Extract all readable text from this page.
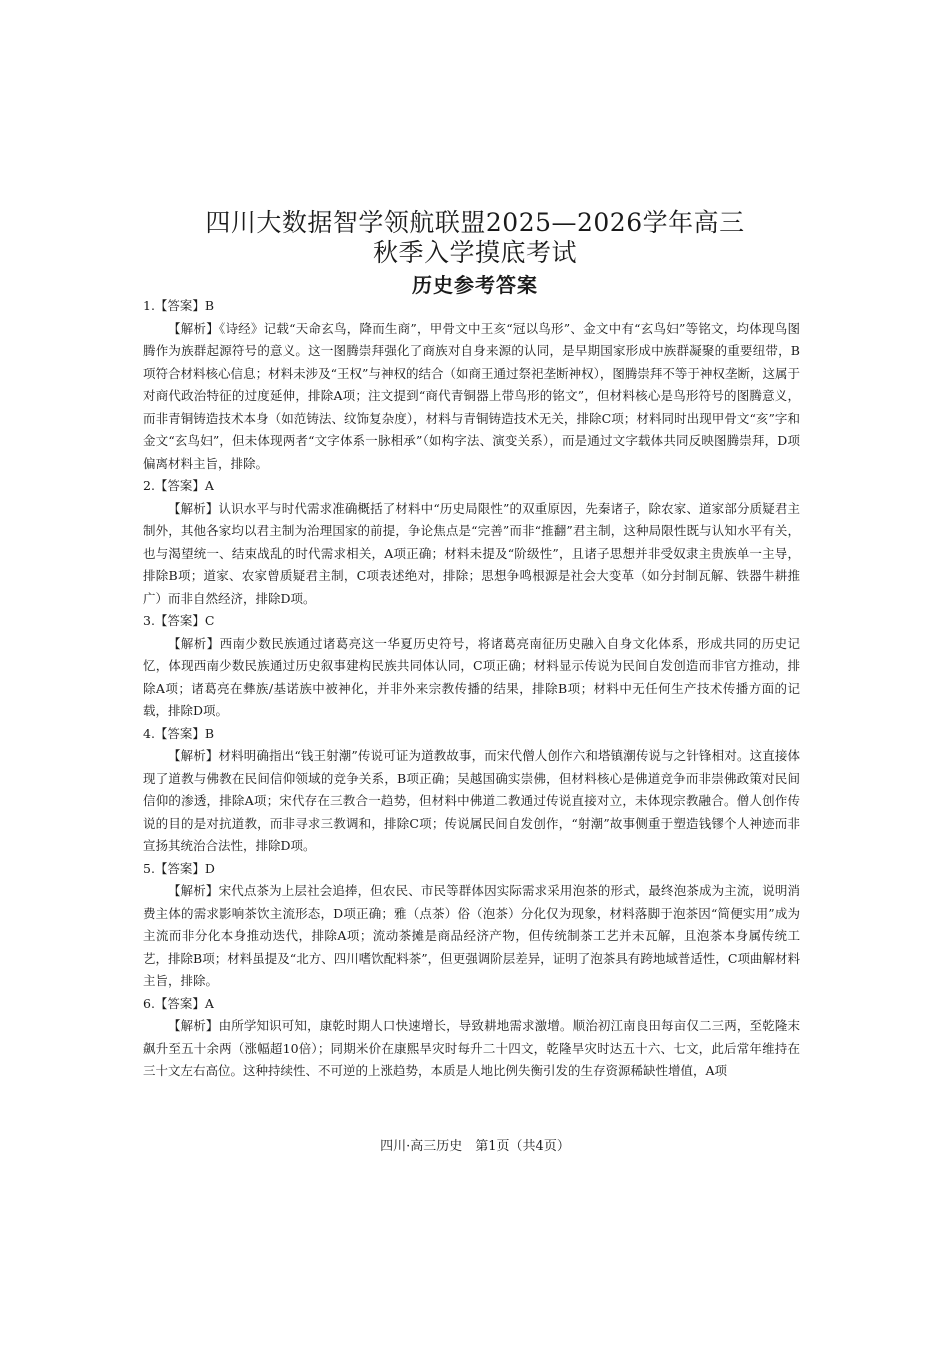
四川大数据智学领航联盟2025—2026学年高三
秋季入学摸底考试
历史参考答案
1.【答案】B
【解析】《诗经》记载“天命玄鸟，降而生商”，甲骨文中王亥“冠以鸟形”、金文中有“玄鸟妇”等铭文，均体现鸟图腾作为族群起源符号的意义。这一图腾崇拜强化了商族对自身来源的认同，是早期国家形成中族群凝聚的重要纽带，B项符合材料核心信息；材料未涉及“王权”与神权的结合（如商王通过祭祀垄断神权），图腾崇拜不等于神权垄断，这属于对商代政治特征的过度延伸，排除A项；注文提到“商代青铜器上带鸟形的铭文”，但材料核心是鸟形符号的图腾意义，而非青铜铸造技术本身（如范铸法、纹饰复杂度），材料与青铜铸造技术无关，排除C项；材料同时出现甲骨文“亥”字和金文“玄鸟妇”，但未体现两者“文字体系一脉相承”（如构字法、演变关系），而是通过文字载体共同反映图腾崇拜，D项偏离材料主旨，排除。
2.【答案】A
【解析】认识水平与时代需求准确概括了材料中“历史局限性”的双重原因，先秦诸子，除农家、道家部分质疑君主制外，其他各家均以君主制为治理国家的前提，争论焦点是“完善”而非“推翻”君主制，这种局限性既与认知水平有关，也与渴望统一、结束战乱的时代需求相关，A项正确；材料未提及“阶级性”，且诸子思想并非受奴隶主贵族单一主导，排除B项；道家、农家曾质疑君主制，C项表述绝对，排除；思想争鸣根源是社会大变革（如分封制瓦解、铁器牛耕推广）而非自然经济，排除D项。
3.【答案】C
【解析】西南少数民族通过诸葛亮这一华夏历史符号，将诸葛亮南征历史融入自身文化体系，形成共同的历史记忆，体现西南少数民族通过历史叙事建构民族共同体认同，C项正确；材料显示传说为民间自发创造而非官方推动，排除A项；诸葛亮在彝族/基诺族中被神化，并非外来宗教传播的结果，排除B项；材料中无任何生产技术传播方面的记载，排除D项。
4.【答案】B
【解析】材料明确指出“钱王射潮”传说可证为道教故事，而宋代僧人创作六和塔镇潮传说与之针锋相对。这直接体现了道教与佛教在民间信仰领域的竞争关系，B项正确；吴越国确实崇佛，但材料核心是佛道竞争而非崇佛政策对民间信仰的渗透，排除A项；宋代存在三教合一趋势，但材料中佛道二教通过传说直接对立，未体现宗教融合。僧人创作传说的目的是对抗道教，而非寻求三教调和，排除C项；传说属民间自发创作，“射潮”故事侧重于塑造钱镠个人神迹而非宣扬其统治合法性，排除D项。
5.【答案】D
【解析】宋代点茶为上层社会追捧，但农民、市民等群体因实际需求采用泡茶的形式，最终泡茶成为主流，说明消费主体的需求影响茶饮主流形态，D项正确；雅（点茶）俗（泡茶）分化仅为现象，材料落脚于泡茶因“简便实用”成为主流而非分化本身推动迭代，排除A项；流动茶摊是商品经济产物，但传统制茶工艺并未瓦解，且泡茶本身属传统工艺，排除B项；材料虽提及“北方、四川嗜饮配料茶”，但更强调阶层差异，证明了泡茶具有跨地域普适性，C项曲解材料主旨，排除。
6.【答案】A
【解析】由所学知识可知，康乾时期人口快速增长，导致耕地需求激增。顺治初江南良田每亩仅二三两，至乾隆末飙升至五十余两（涨幅超10倍）；同期米价在康熙旱灾时每升二十四文，乾隆旱灾时达五十六、七文，此后常年维持在三十文左右高位。这种持续性、不可逆的上涨趋势，本质是人地比例失衡引发的生存资源稀缺性增值，A项
四川·高三历史　第1页（共4页）
